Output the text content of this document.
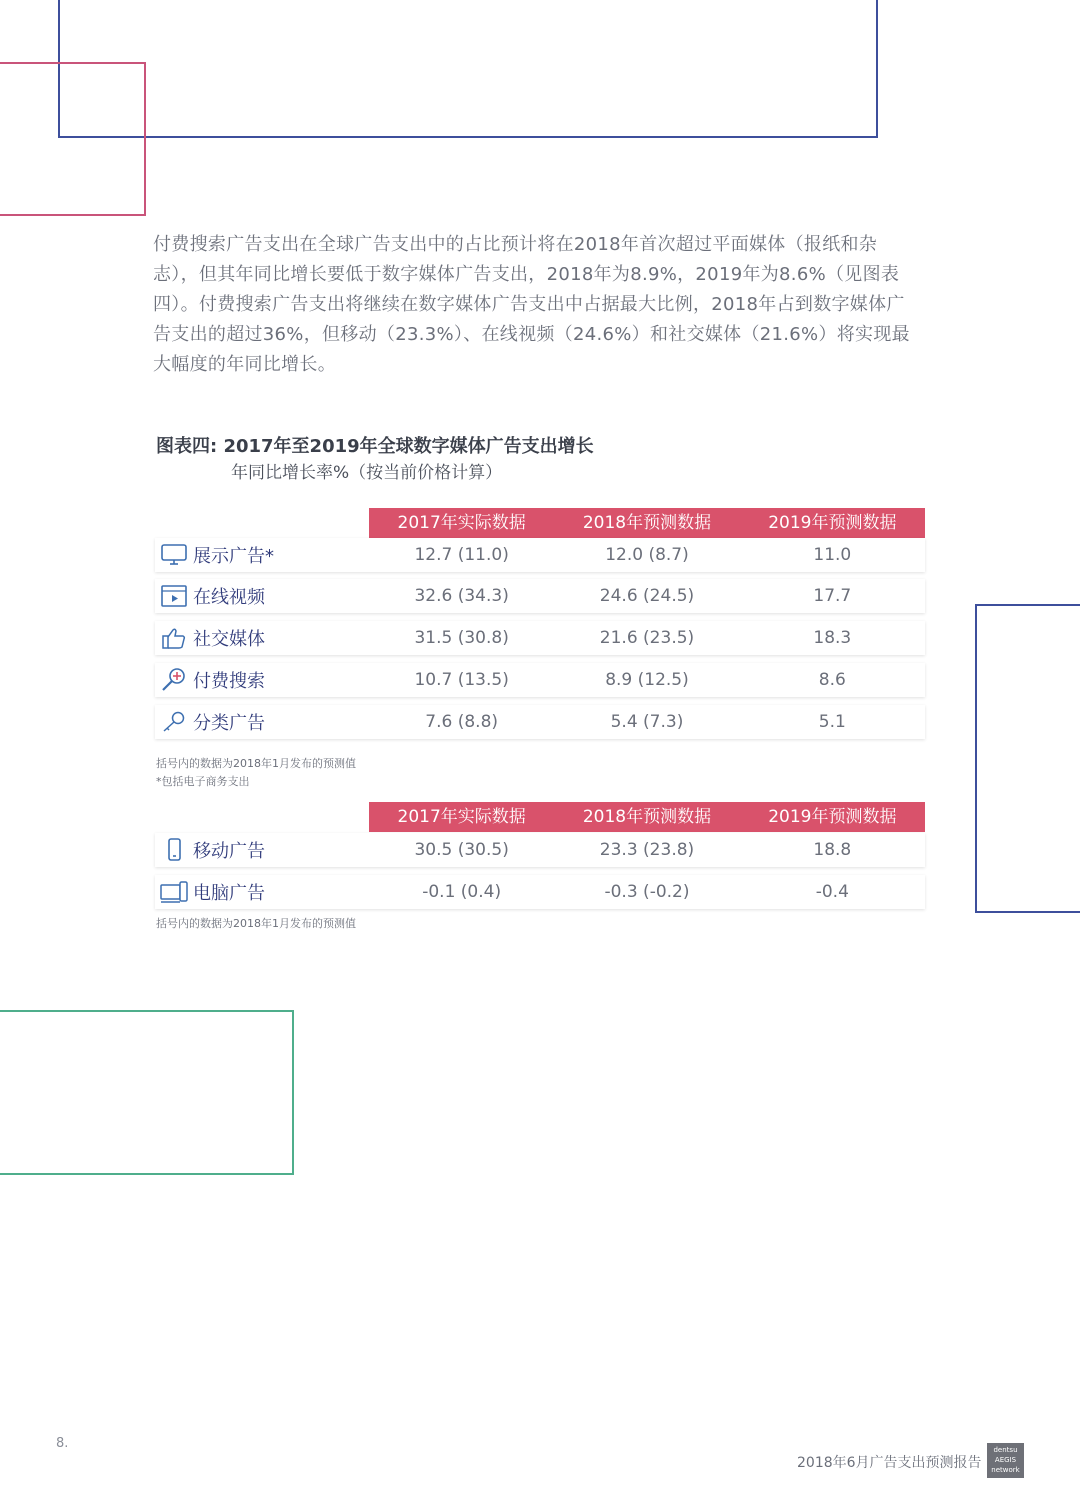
付费搜索广告支出在全球广告支出中的占比预计将在2018年首次超过平面媒体（报纸和杂志），但其年同比增长要低于数字媒体广告支出，2018年为8.9%，2019年为8.6%（见图表四）。付费搜索广告支出将继续在数字媒体广告支出中占据最大比例，2018年占到数字媒体广告支出的超过36%，但移动（23.3%）、在线视频（24.6%）和社交媒体（21.6%）将实现最大幅度的年同比增长。

图表四: 2017年至2019年全球数字媒体广告支出增长
年同比增长率%（按当前价格计算）
2017年实际数据	2018年预测数据	2019年预测数据
展示广告*	12.7 (11.0)	12.0 (8.7)	11.0
在线视频	32.6 (34.3)	24.6 (24.5)	17.7
社交媒体	31.5 (30.8)	21.6 (23.5)	18.3
付费搜索	10.7 (13.5)	8.9 (12.5)	8.6
分类广告	7.6 (8.8)	5.4 (7.3)	5.1
括号内的数据为2018年1月发布的预测值
*包括电子商务支出
2017年实际数据	2018年预测数据	2019年预测数据
移动广告	30.5 (30.5)	23.3 (23.8)	18.8
电脑广告	-0.1 (0.4)	-0.3 (-0.2)	-0.4
括号内的数据为2018年1月发布的预测值
8.
2018年6月广告支出预测报告
dentsu
AEGIS
network
